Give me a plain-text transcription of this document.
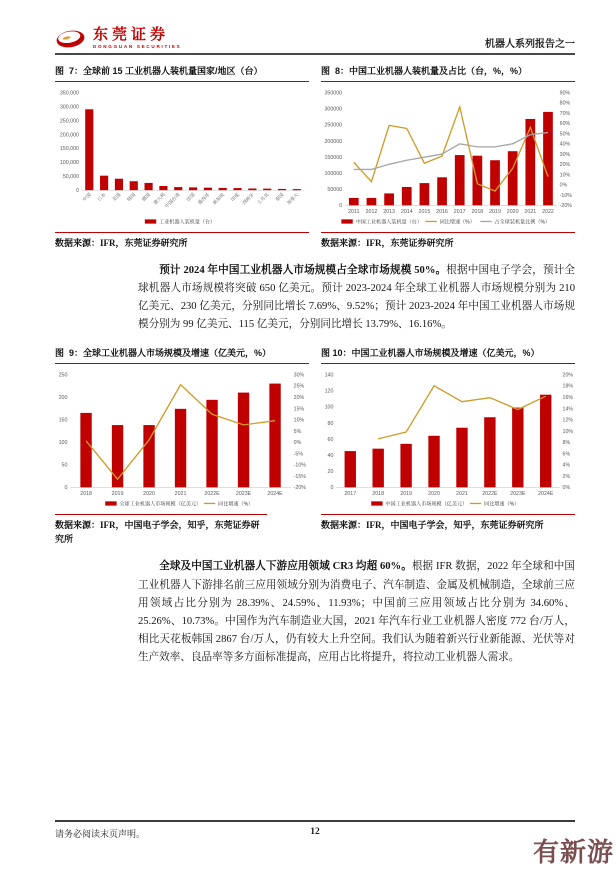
东莞证券
DONGGUAN SECURITIES	机器人系列报告之一
图  7：全球前 15 工业机器人装机量国家/地区（台）
0
50,000
100,000
150,000
200,000
250,000
300,000
350,000
中国 日本 美国 韩国 德国 意大利
中国台湾 法国 墨西哥 新加坡 印度 西班牙 土耳其 泰国 加拿大
工业机器人装机量（台）
数据来源：IFR，东莞证券研究所
图  8：中国工业机器人装机量及占比（台，%，%）
0
50000
100000
150000
200000
250000
300000
350000
-20%
-10%
0%
10%
20%
30%
40%
50%
60%
70%
80%
90%
2011 2012 2013 2014 2015 2016 2017 2018 2019 2020 2021 2022
中国工业机器人装机量（台）	同比增速（%）	占全球装机量比例（%）
数据来源：IFR，东莞证券研究所

预计 2024 年中国工业机器人市场规模占全球市场规模 50%。根据中国电子学会，预计全球机器人市场规模将突破 650 亿美元。预计 2023-2024 年全球工业机器人市场规模分别为 210 亿美元、230 亿美元，分别同比增长 7.69%、9.52%；预计 2023-2024 年中国工业机器人市场规模分别为 99 亿美元、115 亿美元，分别同比增长 13.79%、16.16%。

图  9：全球工业机器人市场规模及增速（亿美元，%）
0
50
100
150
200
250
-20%
-15%
-10%
-5%
0%
5%
10%
15%
20%
25%
30%
2018	2019	2020	2021	2022E	2023E	2024E
全球工业机器人市场规模（亿美元）	同比增速（%）
数据来源：IFR，中国电子学会，知乎，东莞证券研究所
图 10：中国工业机器人市场规模及增速（亿美元，%）
0
20
40
60
80
100
120
140
0%
2%
4%
6%
8%
10%
12%
14%
16%
18%
20%
2017	2018	2019	2020	2021	2022E 2023E 2024E
中国工业机器人市场规模（亿美元）	同比增速（%）
数据来源：IFR，中国电子学会，知乎，东莞证券研究所

全球及中国工业机器人下游应用领域 CR3 均超 60%。根据 IFR 数据，2022 年全球和中国工业机器人下游排名前三应用领域分别为消费电子、汽车制造、金属及机械制造，全球前三应用领域占比分别为 28.39%、24.59%、11.93%；中国前三应用领域占比分别为 34.60%、25.26%、10.73%。中国作为汽车制造业大国，2021 年汽车行业工业机器人密度 772 台/万人，相比天花板韩国 2867 台/万人，仍有较大上升空间。我们认为随着新兴行业新能源、光伏等对生产效率、良品率等多方面标准提高，应用占比将提升，将拉动工业机器人需求。

请务必阅读末页声明。	12
有新游
